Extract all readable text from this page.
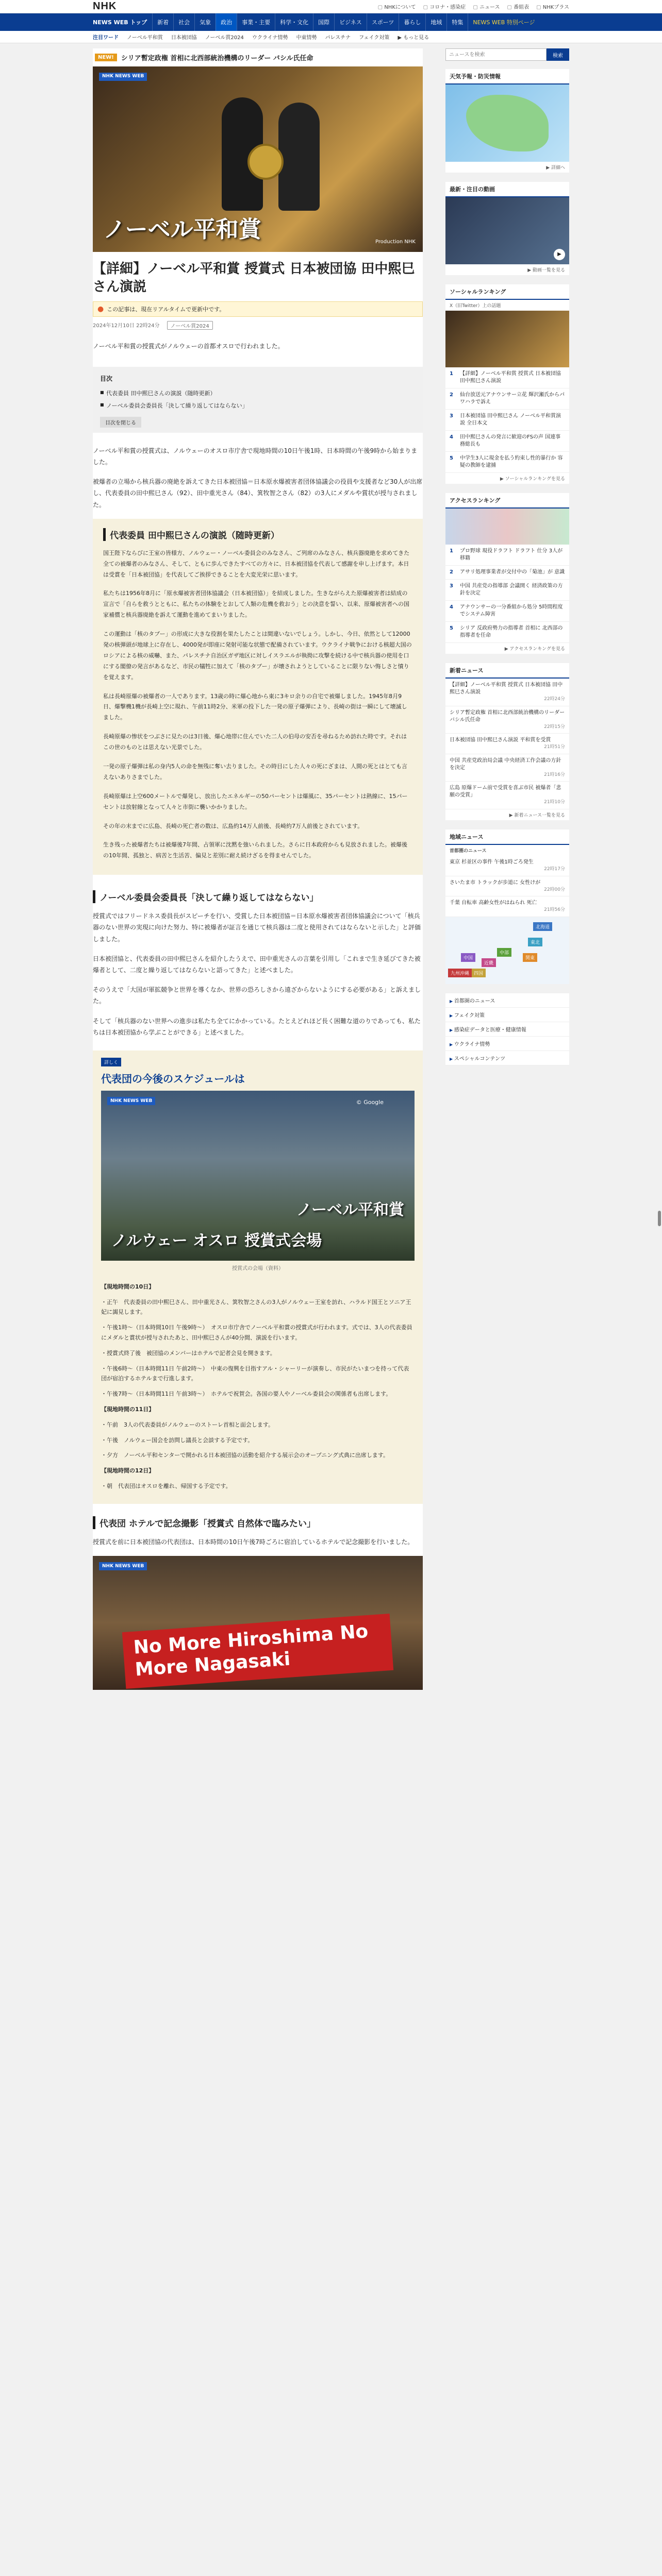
NHK	▢ NHKについて	▢ コロナ・感染症	▢ ニュース	▢ 番組表	▢ NHKプラス
NEWS WEB トップ	新着	社会	気象	政治	事業・主要	科学・文化	国際	ビジネス	スポーツ	暮らし	地域	特集	NEWS WEB 特別ページ
注目ワード ノーベル平和賞 日本被団協 ノーベル賞2024 ウクライナ情勢 中東情勢 パレスチナ フェイク対策 ▶ もっと見る
NEW!	シリア暫定政権 首相に北西部統治機構のリーダー バシル氏任命
NHK NEWS WEB
ノーベル平和賞	Production NHK
【詳細】ノーベル平和賞 授賞式 日本被団協 田中熙巳さん演説
● この記事は、現在リアルタイムで更新中です。
2024年12月10日 22時24分	ノーベル賞2024

ノーベル平和賞の授賞式がノルウェーの首都オスロで行われました。

目次
■ 代表委員 田中熙巳さんの演説（随時更新）
■ ノーベル委員会委員長「決して繰り返してはならない」
目次を閉じる

ノーベル平和賞の授賞式は、ノルウェーのオスロ市庁舎で現地時間の10日午後1時、日本時間の午後9時から始まりました。

被爆者の立場から核兵器の廃絶を訴えてきた日本被団協＝日本原水爆被害者団体協議会の役員や支援者など30人が出席し、代表委員の田中熙巳さん（92）、田中重光さん（84）、箕牧智之さん（82）の3人にメダルや賞状が授与されました。

代表委員 田中熙巳さんの演説（随時更新）

国王陛下ならびに王室の皆様方、ノルウェー・ノーベル委員会のみなさん、ご列席のみなさん、核兵器廃絶を求めてきた全ての被爆者のみなさん、そして、ともに歩んできたすべての方々に、日本被団協を代表して感謝を申し上げます。本日は受賞を「日本被団協」を代表してご挨拶できることを大変光栄に思います。

私たちは1956年8月に「原水爆被害者団体協議会（日本被団協）」を結成しました。生きながらえた原爆被害者は結成の宣言で「自らを救うとともに、私たちの体験をとおして人類の危機を救おう」との決意を誓い、以来、原爆被害者への国家補償と核兵器廃絶を訴えて運動を進めてまいりました。

この運動は「核のタブー」の形成に大きな役割を果たしたことは間違いないでしょう。しかし、今日、依然として12000発の核弾頭が地球上に存在し、4000発が即座に発射可能な状態で配備されています。ウクライナ戦争における核超大国のロシアによる核の威嚇、また、パレスチナ自治区ガザ地区に対しイスラエルが執拗に攻撃を続ける中で核兵器の使用を口にする閣僚の発言があるなど、市民の犠牲に加えて「核のタブー」が壊されようとしていることに限りない悔しさと憤りを覚えます。

私は長崎原爆の被爆者の一人であります。13歳の時に爆心地から東に3キロ余りの自宅で被爆しました。1945年8月9日、爆撃機1機が長崎上空に現れ、午前11時2分、米軍の投下した一発の原子爆弾により、長崎の街は一瞬にして壊滅しました。

長崎原爆の惨状をつぶさに見たのは3日後、爆心地帯に住んでいた二人の伯母の安否を尋ねるため訪れた時です。それはこの世のものとは思えない光景でした。

一発の原子爆弾は私の身内5人の命を無残に奪い去りました。その時目にした人々の死にざまは、人間の死とはとても言えないありさまでした。

長崎原爆は上空600メートルで爆発し、放出したエネルギーの50パーセントは爆風に、35パーセントは熱線に、15パーセントは放射線となって人々と市街に襲いかかりました。

その年の末までに広島、長崎の死亡者の数は、広島約14万人前後、長崎約7万人前後とされています。

生き残った被爆者たちは被爆後7年間、占領軍に沈黙を強いられました。さらに日本政府からも見放されました。被爆後の10年間、孤独と、病苦と生活苦、偏見と差別に耐え続けざるを得ませんでした。

ノーベル委員会委員長「決して繰り返してはならない」

授賞式ではフリードネス委員長がスピーチを行い、受賞した日本被団協＝日本原水爆被害者団体協議会について「核兵器のない世界の実現に向けた努力、特に被爆者が証言を通じて核兵器は二度と使用されてはならないと示した」と評価しました。

日本被団協と、代表委員の田中熙巳さんを紹介したうえで、田中重光さんの言葉を引用し「これまで生き延びてきた被爆者として、二度と繰り返してはならないと語ってきた」と述べました。

そのうえで「大国が軍拡競争と世界を導くなか、世界の恐ろしさから遠ざからないようにする必要がある」と訴えました。

そして「核兵器のない世界への進歩は私たち全てにかかっている。たとえどれほど長く困難な道のりであっても、私たちは日本被団協から学ぶことができる」と述べました。

詳しく
代表団の今後のスケジュールは
NHK NEWS WEB	© Google
ノーベル平和賞
ノルウェー オスロ 授賞式会場
授賞式の会場（資料）
【現地時間の10日】
・正午　代表委員の田中熙巳さん、田中重光さん、箕牧智之さんの3人がノルウェー王室を訪れ、ハラルド国王とソニア王妃に謁見します。
・午後1時～（日本時間10日 午後9時～）　オスロ市庁舎でノーベル平和賞の授賞式が行われます。式では、3人の代表委員にメダルと賞状が授与されたあと、田中熙巳さんが40分間、演説を行います。
・授賞式終了後　被団協のメンバーはホテルで記者会見を開きます。
・午後6時～（日本時間11日 午前2時～）　中東の復興を目指すアル・シャーリーが演奏し、市民がたいまつを持って代表団が宿泊するホテルまで行進します。
・午後7時～（日本時間11日 午前3時～）　ホテルで祝賀会。各国の要人やノーベル委員会の関係者も出席します。
【現地時間の11日】
・午前　3人の代表委員がノルウェーのストーレ首相と面会します。
・午後　ノルウェー国会を訪問し議長と会談する予定です。
・夕方　ノーベル平和センターで開かれる日本被団協の活動を紹介する展示会のオープニング式典に出席します。
【現地時間の12日】
・朝　代表団はオスロを離れ、帰国する予定です。
代表団 ホテルで記念撮影「授賞式 自然体で臨みたい」

授賞式を前に日本被団協の代表団は、日本時間の10日午後7時ごろに宿泊しているホテルで記念撮影を行いました。

NHK NEWS WEB
No More Hiroshima No More Nagasaki
ニュースを検索
検索
天気予報・防災情報
▶ 詳細へ
最新・注目の動画
▶
▶ 動画一覧を見る
ソーシャルランキング
X（旧Twitter）上の話題
1	【詳細】ノーベル平和賞 授賞式 日本被団協 田中熙巳さん演説
2	仙台放送元アナウンサー立花 輝沢瀬氏からパワハラで訴え
3	日本被団協 田中熙巳さん ノーベル平和賞演説 全日本文
4	田中熙巳さんの発言に歓迎のFSの声 国連事務総長も
5	中学生3人に現金を払う約束し性的暴行か 容疑の教師を逮捕
▶ ソーシャルランキングを見る
アクセスランキング
1	プロ野球 現役ドラフト ドラフト 仕分 3人が移籍
2	アサリ処理事業者が交付中の「菊池」が 意識
3	中国 共産党の指導部 会議開く 経済政策の方針を決定
4	アナウンサーの一分番組から処分 5時間程度でシステム障害
5	シリア 反政府勢力の指導者 首相に 北西部の指導者を任命
▶ アクセスランキングを見る
新着ニュース
【詳細】ノーベル平和賞 授賞式 日本被団協 田中熙巳さん演説
22時24分
シリア暫定政権 首相に北西部統治機構のリーダー バシル氏任命
22時15分
日本被団協 田中熙巳さん演説 平和賞を受賞
21時51分
中国 共産党政治局会議 中央経済工作会議の方針を決定
21時16分
広島 原爆ドーム前で受賞を喜ぶ市民 被爆者「悲願の受賞」
21時10分
▶ 新着ニュース一覧を見る
地域ニュース
首都圏のニュース
東京 杉並区の事件 午後1時ごろ発生
22時17分
さいたま市 トラックが歩道に 女性けが
22時00分
千葉 自転車 高齢女性がはねられ 死亡
21時56分
北海道
東北
関東
中部
近畿
中国
四国
九州沖縄
▶ 首都圏のニュース
▶ フェイク対策
▶ 感染症データと医療・健康情報
▶ ウクライナ情勢
▶ スペシャルコンテンツ
